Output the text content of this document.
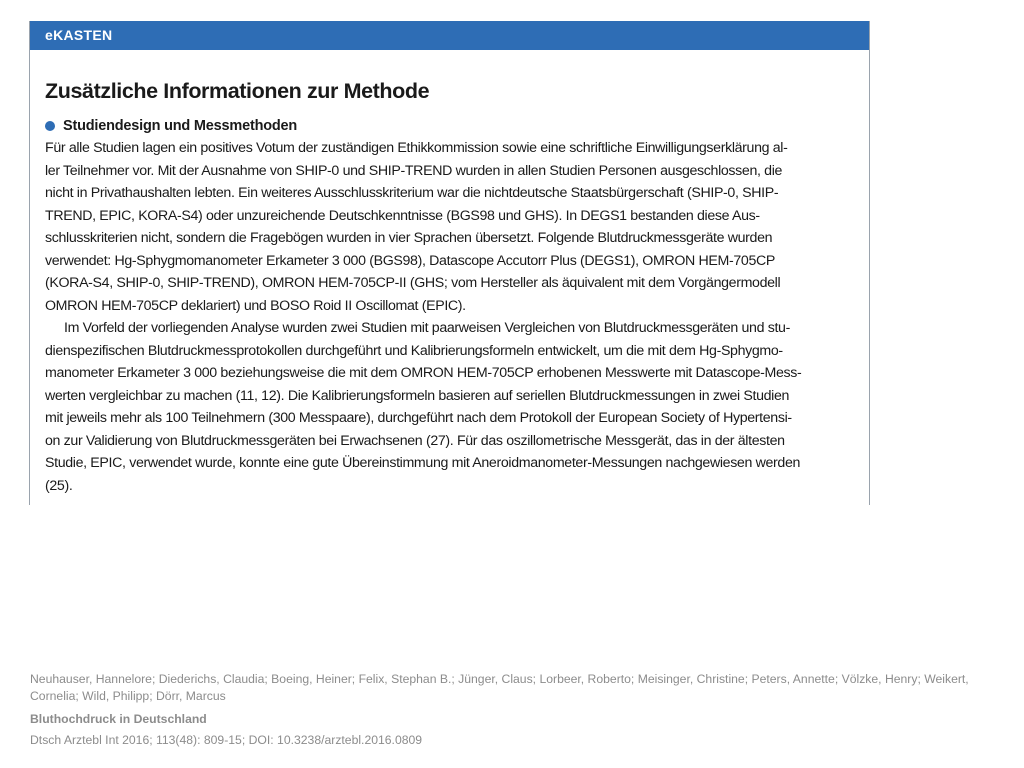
eKASTEN
Zusätzliche Informationen zur Methode
Studiendesign und Messmethoden
Für alle Studien lagen ein positives Votum der zuständigen Ethikkommission sowie eine schriftliche Einwilligungserklärung al-
ler Teilnehmer vor. Mit der Ausnahme von SHIP-0 und SHIP-TREND wurden in allen Studien Personen ausgeschlossen, die
nicht in Privathaushalten lebten. Ein weiteres Ausschlusskriterium war die nichtdeutsche Staatsbürgerschaft (SHIP-0, SHIP-
TREND, EPIC, KORA-S4) oder unzureichende Deutschkenntnisse (BGS98 und GHS). In DEGS1 bestanden diese Aus-
schlusskriterien nicht, sondern die Fragebögen wurden in vier Sprachen übersetzt. Folgende Blutdruckmessgeräte wurden
verwendet: Hg-Sphygmomanometer Erkameter 3 000 (BGS98), Datascope Accutorr Plus (DEGS1), OMRON HEM-705CP
(KORA-S4, SHIP-0, SHIP-TREND), OMRON HEM-705CP-II (GHS; vom Hersteller als äquivalent mit dem Vorgängermodell
OMRON HEM-705CP deklariert) und BOSO Roid II Oscillomat (EPIC).
Im Vorfeld der vorliegenden Analyse wurden zwei Studien mit paarweisen Vergleichen von Blutdruckmessgeräten und stu-
dienspezifischen Blutdruckmessprotokollen durchgeführt und Kalibrierungsformeln entwickelt, um die mit dem Hg-Sphygmo-
manometer Erkameter 3 000 beziehungsweise die mit dem OMRON HEM-705CP erhobenen Messwerte mit Datascope-Mess-
werten vergleichbar zu machen (11, 12). Die Kalibrierungsformeln basieren auf seriellen Blutdruckmessungen in zwei Studien
mit jeweils mehr als 100 Teilnehmern (300 Messpaare), durchgeführt nach dem Protokoll der European Society of Hypertensi-
on zur Validierung von Blutdruckmessgeräten bei Erwachsenen (27). Für das oszillometrische Messgerät, das in der ältesten
Studie, EPIC, verwendet wurde, konnte eine gute Übereinstimmung mit Aneroidmanometer-Messungen nachgewiesen werden
(25).
Neuhauser, Hannelore; Diederichs, Claudia; Boeing, Heiner; Felix, Stephan B.; Jünger, Claus; Lorbeer, Roberto; Meisinger, Christine; Peters, Annette; Völzke, Henry; Weikert, Cornelia; Wild, Philipp; Dörr, Marcus
Bluthochdruck in Deutschland
Dtsch Arztebl Int 2016; 113(48): 809-15; DOI: 10.3238/arztebl.2016.0809
